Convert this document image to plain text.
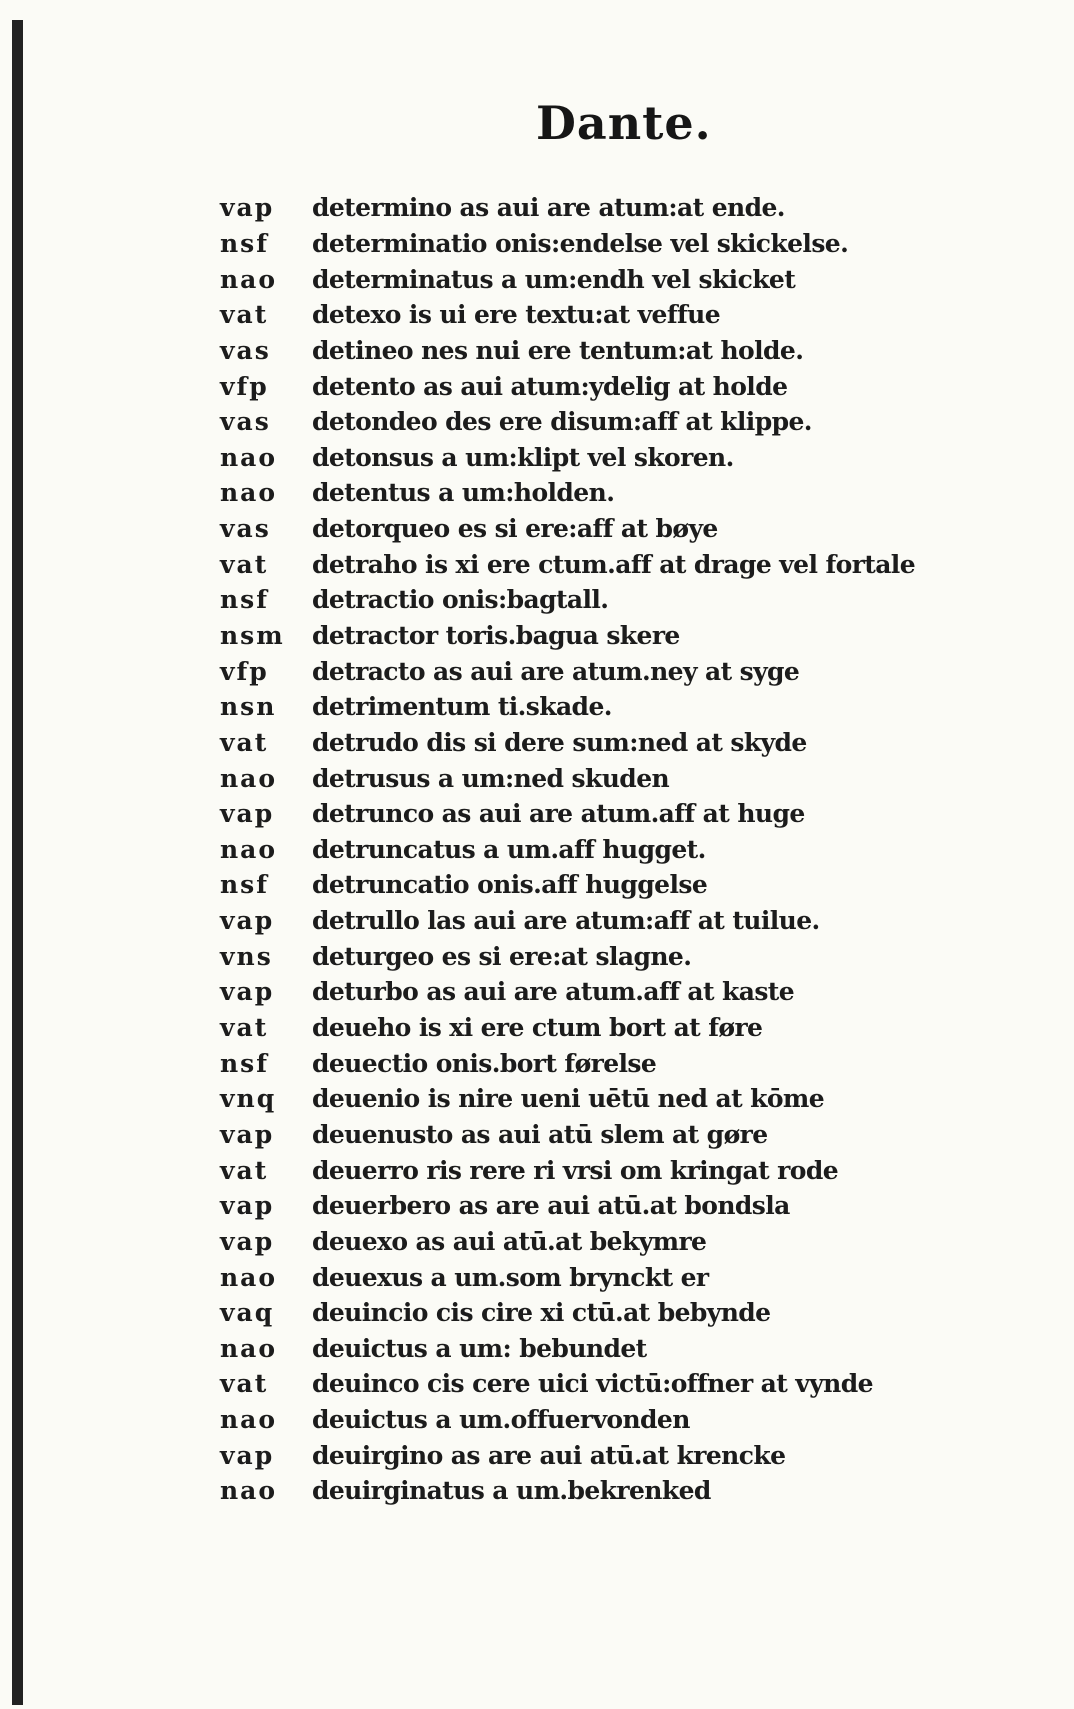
Dante.
vap	determino as aui are atum:at ende.
nsf	determinatio onis:endelse vel skickelse.
nao	determinatus a um:endh vel skicket
vat	detexo is ui ere textu:at veffue
vas	detineo nes nui ere tentum:at holde.
vfp	detento as aui atum:ydelig at holde
vas	detondeo des ere disum:aff at klippe.
nao	detonsus a um:klipt vel skoren.
nao	detentus a um:holden.
vas	detorqueo es si ere:aff at bøye
vat	detraho is xi ere ctum.aff at drage vel fortale
nsf	detractio onis:bagtall.
nsm	detractor toris.bagua skere
vfp	detracto as aui are atum.ney at syge
nsn	detrimentum ti.skade.
vat	detrudo dis si dere sum:ned at skyde
nao	detrusus a um:ned skuden
vap	detrunco as aui are atum.aff at huge
nao	detruncatus a um.aff hugget.
nsf	detruncatio onis.aff huggelse
vap	detrullo las aui are atum:aff at tuilue.
vns	deturgeo es si ere:at slagne.
vap	deturbo as aui are atum.aff at kaste
vat	deueho is xi ere ctum bort at føre
nsf	deuectio onis.bort førelse
vnq	deuenio is nire ueni uētū ned at kōme
vap	deuenusto as aui atū slem at gøre
vat	deuerro ris rere ri vrsi om kringat rode
vap	deuerbero as are aui atū.at bondsla
vap	deuexo as aui atū.at bekymre
nao	deuexus a um.som brynckt er
vaq	deuincio cis cire xi ctū.at bebynde
nao	deuictus a um: bebundet
vat	deuinco cis cere uici victū:offner at vynde
nao	deuictus a um.offuervonden
vap	deuirgino as are aui atū.at krencke
nao	deuirginatus a um.bekrenked
